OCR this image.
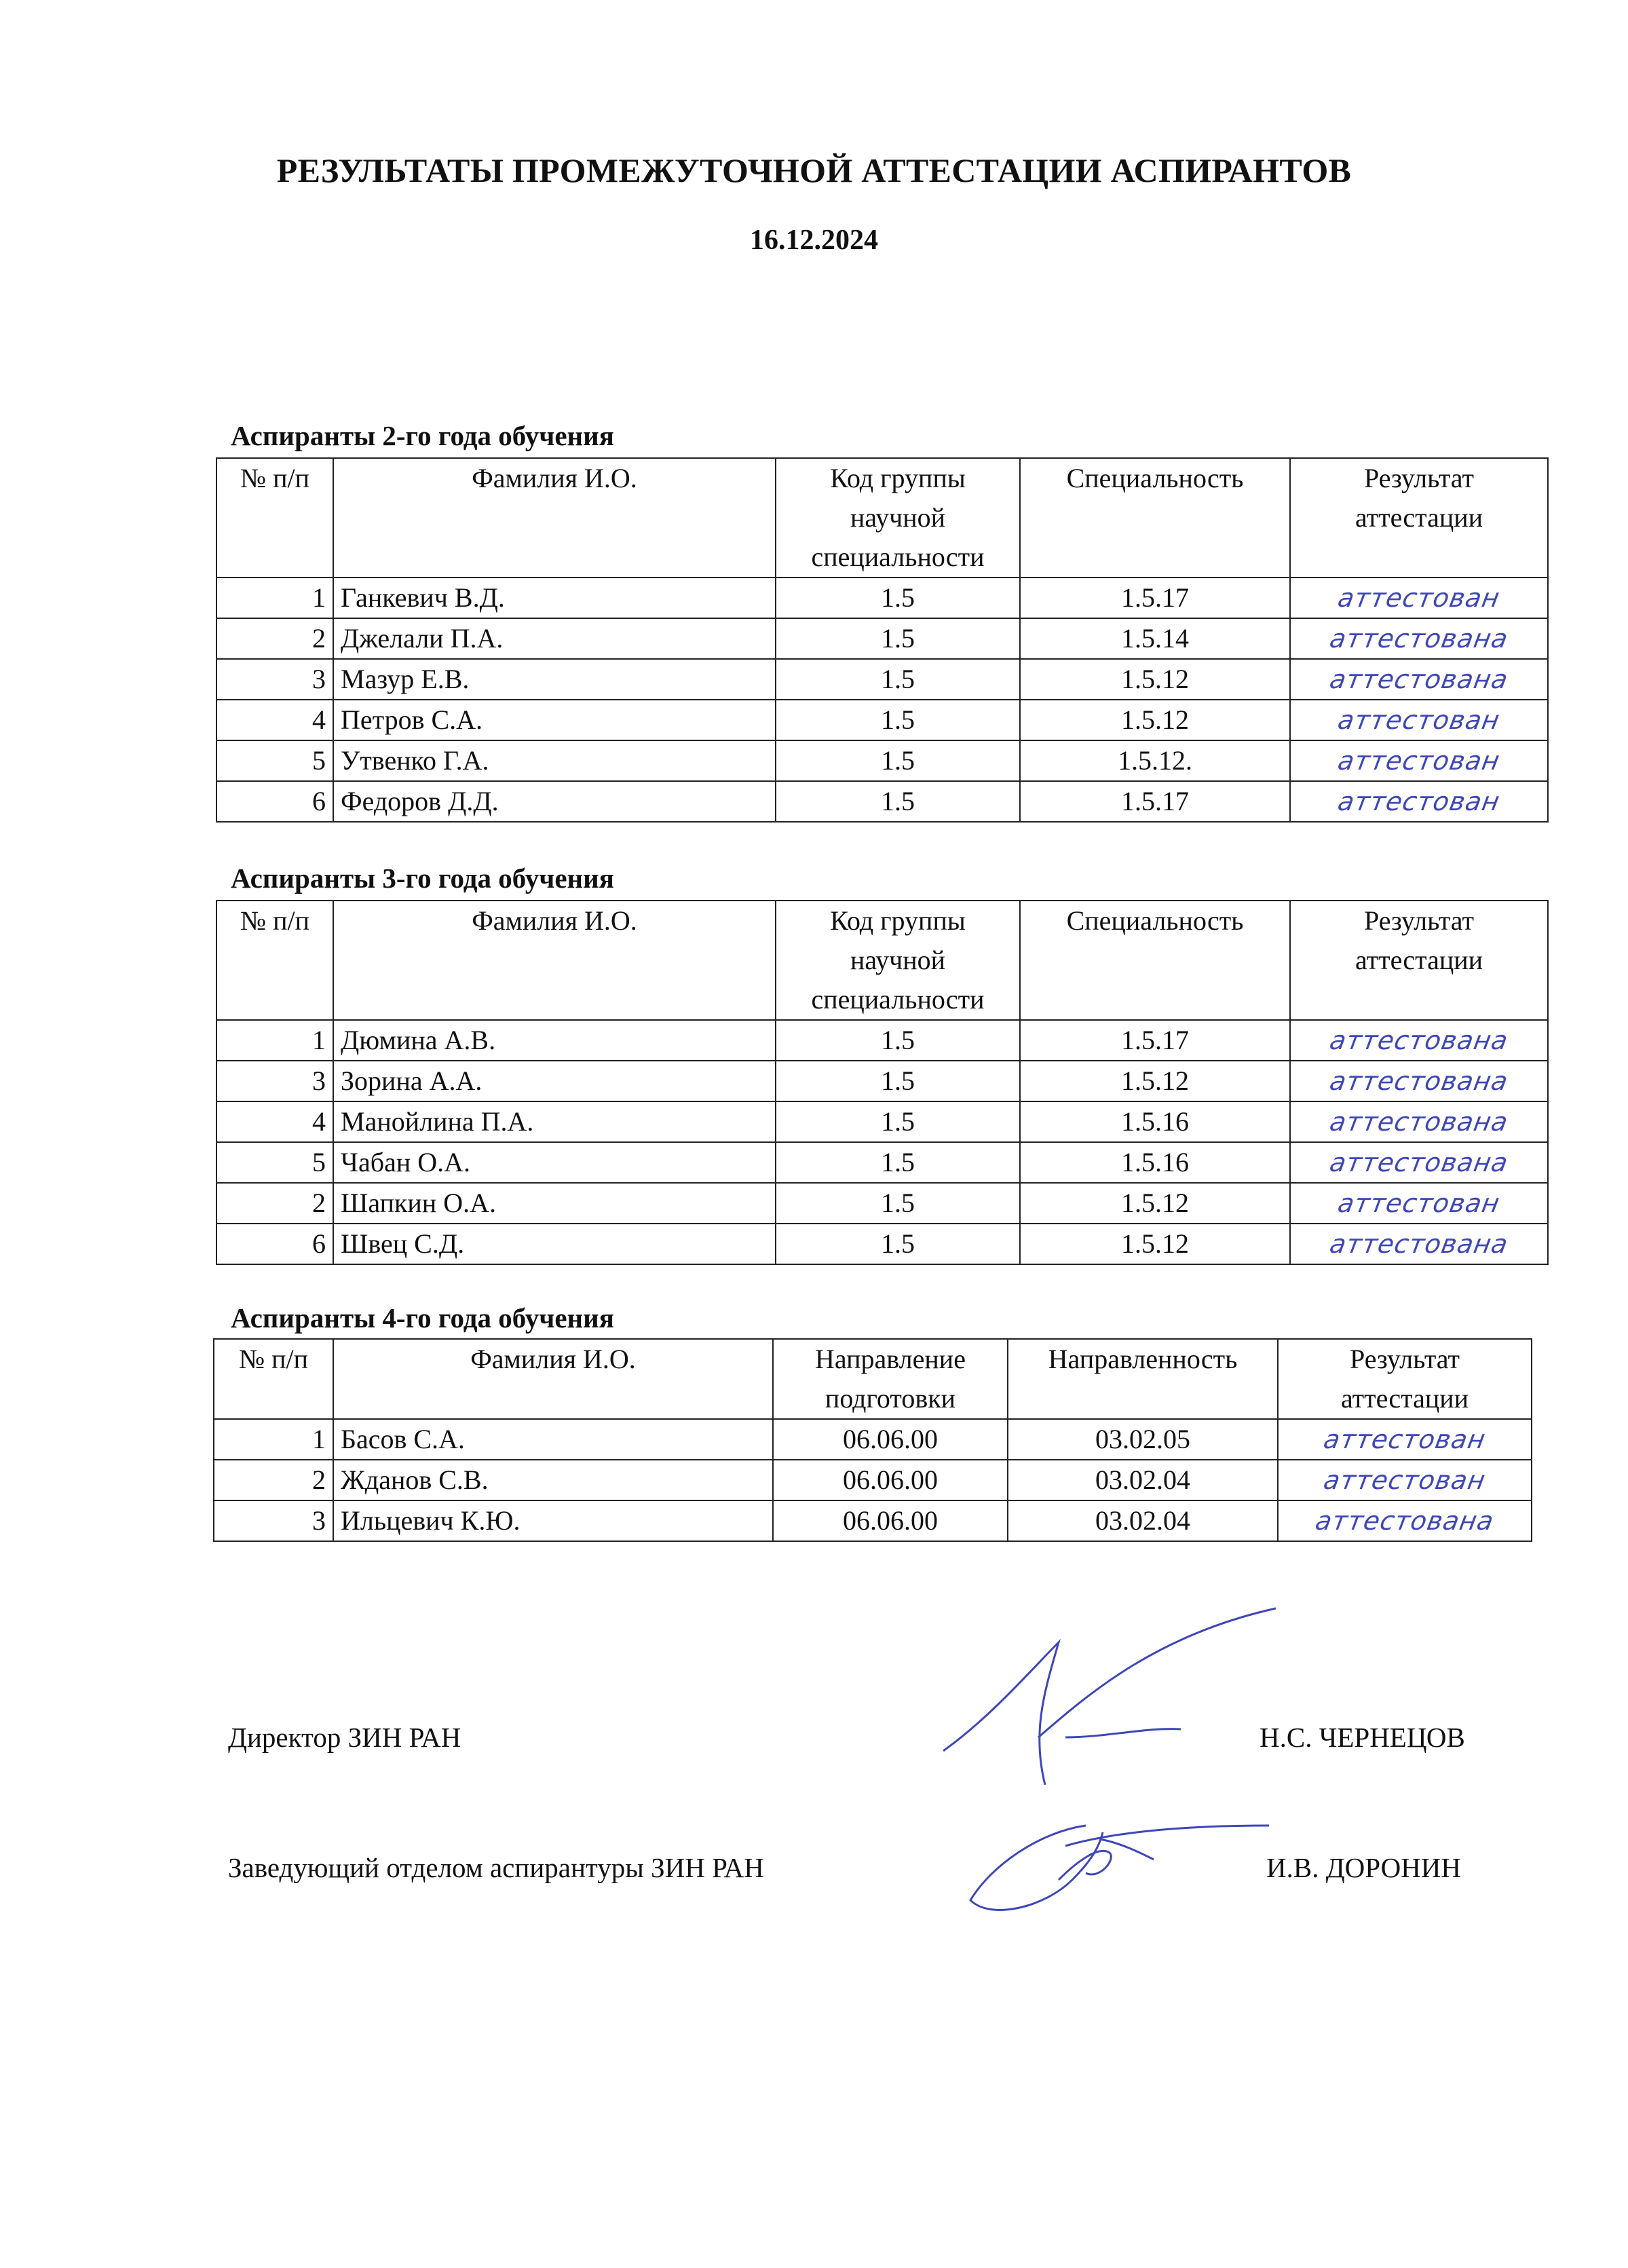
РЕЗУЛЬТАТЫ ПРОМЕЖУТОЧНОЙ АТТЕСТАЦИИ АСПИРАНТОВ
16.12.2024
Аспиранты 2-го года обучения
№ п/п	Фамилия И.О.	Код группы научной специальности	Специальность	Результат аттестации
1	Ганкевич В.Д.	1.5	1.5.17	аттестован
2	Джелали П.А.	1.5	1.5.14	аттестована
3	Мазур Е.В.	1.5	1.5.12	аттестована
4	Петров С.А.	1.5	1.5.12	аттестован
5	Утвенко Г.А.	1.5	1.5.12.	аттестован
6	Федоров Д.Д.	1.5	1.5.17	аттестован
Аспиранты 3-го года обучения
№ п/п	Фамилия И.О.	Код группы научной специальности	Специальность	Результат аттестации
1	Дюмина А.В.	1.5	1.5.17	аттестована
3	Зорина А.А.	1.5	1.5.12	аттестована
4	Манойлина П.А.	1.5	1.5.16	аттестована
5	Чабан О.А.	1.5	1.5.16	аттестована
2	Шапкин О.А.	1.5	1.5.12	аттестован
6	Швец С.Д.	1.5	1.5.12	аттестована
Аспиранты 4-го года обучения
№ п/п	Фамилия И.О.	Направление подготовки	Направленность	Результат аттестации
1	Басов С.А.	06.06.00	03.02.05	аттестован
2	Жданов С.В.	06.06.00	03.02.04	аттестован
3	Ильцевич К.Ю.	06.06.00	03.02.04	аттестована
Директор ЗИН РАН	Н.С. ЧЕРНЕЦОВ
Заведующий отделом аспирантуры ЗИН РАН	И.В. ДОРОНИН
